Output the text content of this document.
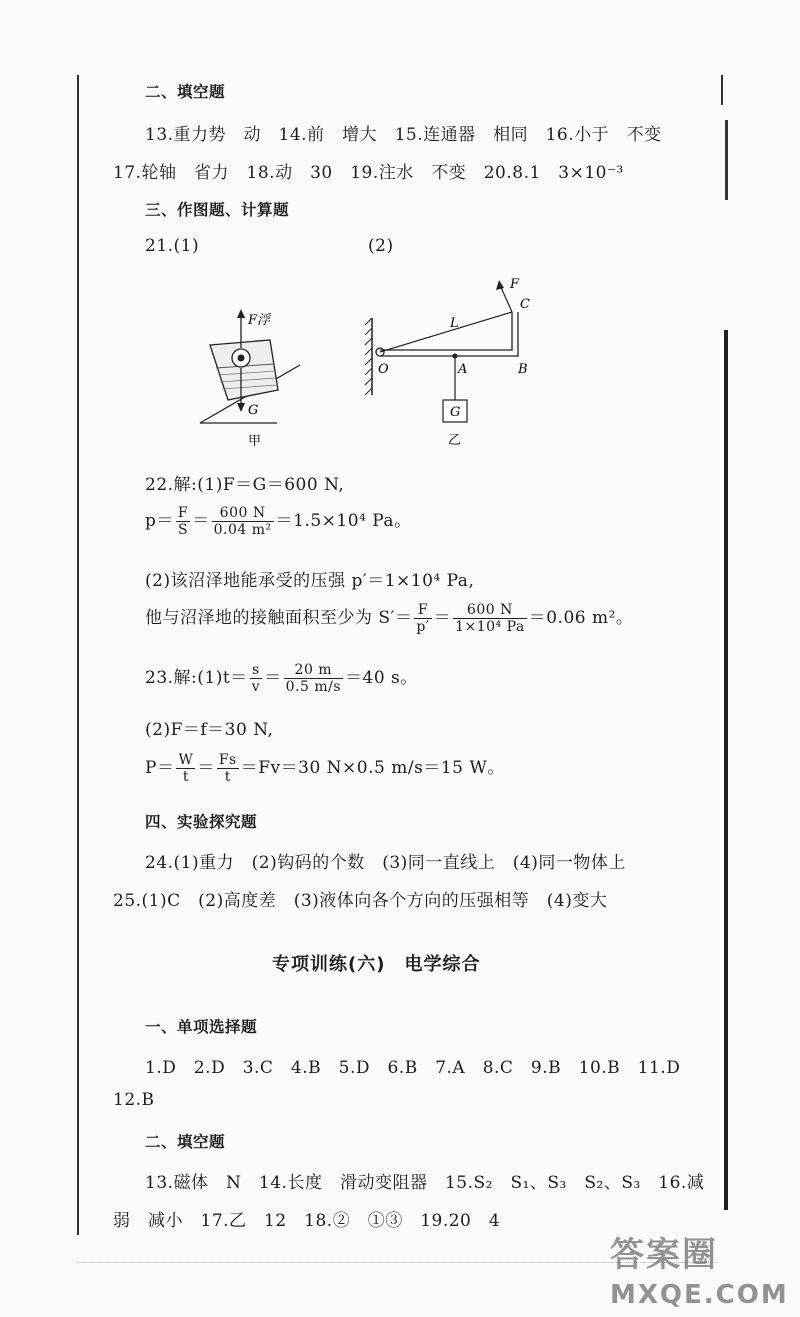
二、填空题
13.重力势　动　14.前　增大　15.连通器　相同　16.小于　不变
17.轮轴　省力　18.动　30　19.注水　不变　20.8.1　3×10⁻³
三、作图题、计算题
21.(1)	(2)
F浮
G
甲
F
C
L
O	A	B
G
乙
22.解:(1)F＝G＝600 N,
$p= \frac{F}{S} = \frac{600 N}{\text{0.04 m²}} =1.5\times 10^4$ Pa。
(2)该沼泽地能承受的压强 p′＝1×10⁴ Pa,
他与沼泽地的接触面积至少为 $S'= \frac{F}{p'} = \frac{600 N}{\text{1×10⁴ Pa}} =0.06$ m²。
23.解:(1)t＝ $\frac{s}{v} = \frac{20 m}{0.5 m/s} =40$ s。
(2)F＝f＝30 N,
$P= \frac{W}{t} = \frac{Fs}{t} =Fv=30$ N×0.5 m/s＝15 W。
四、实验探究题
24.(1)重力　(2)钩码的个数　(3)同一直线上　(4)同一物体上
25.(1)C　(2)高度差　(3)液体向各个方向的压强相等　(4)变大
专项训练(六)　电学综合
一、单项选择题
1.D　2.D　3.C　4.B　5.D　6.B　7.A　8.C　9.B　10.B　11.D
12.B
二、填空题
13.磁体　N　14.长度　滑动变阻器　15.S₂　S₁、S₃　S₂、S₃　16.减
弱　减小　17.乙　12　18.②　①③　19.20　4
答案圈
MXQE.COM
